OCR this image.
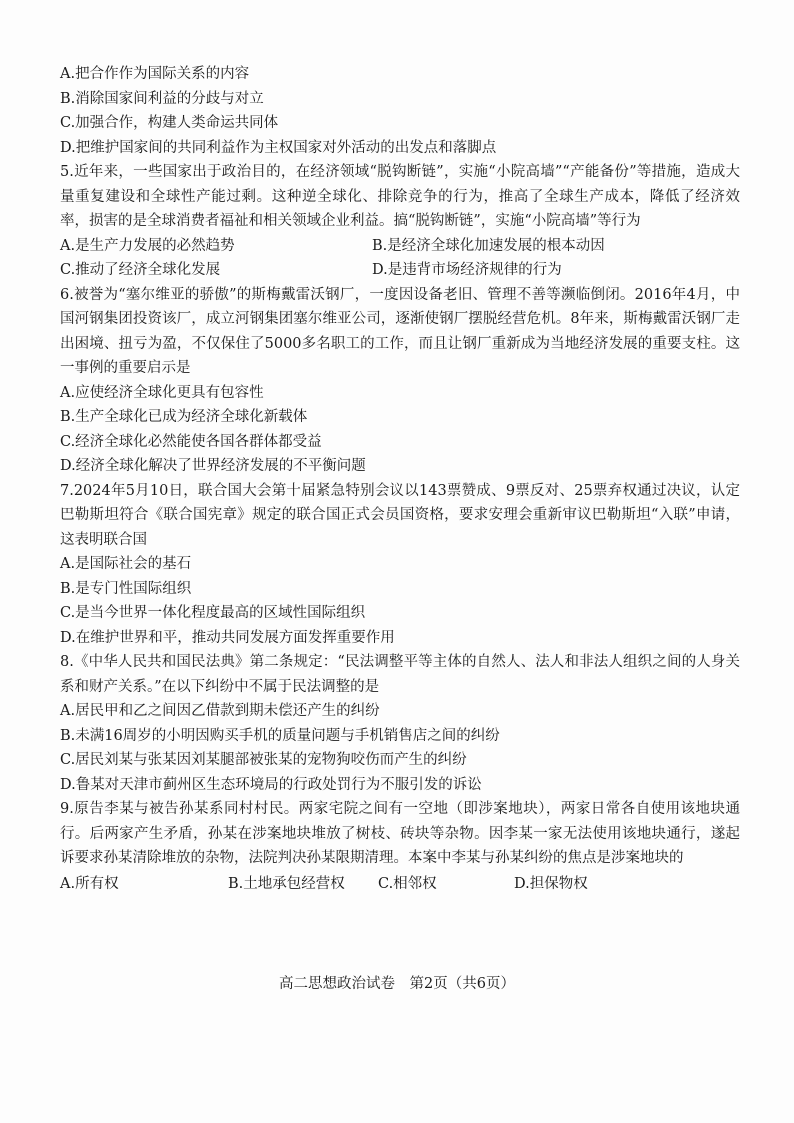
A.把合作作为国际关系的内容

B.消除国家间利益的分歧与对立

C.加强合作，构建人类命运共同体

D.把维护国家间的共同利益作为主权国家对外活动的出发点和落脚点

5.近年来，一些国家出于政治目的，在经济领域“脱钩断链”，实施“小院高墙”“产能备份”等措施，造成大量重复建设和全球性产能过剩。这种逆全球化、排除竞争的行为，推高了全球生产成本，降低了经济效率，损害的是全球消费者福祉和相关领域企业利益。搞“脱钩断链”，实施“小院高墙”等行为

A.是生产力发展的必然趋势	B.是经济全球化加速发展的根本动因
C.推动了经济全球化发展	D.是违背市场经济规律的行为

6.被誉为“塞尔维亚的骄傲”的斯梅戴雷沃钢厂，一度因设备老旧、管理不善等濒临倒闭。2016年4月，中国河钢集团投资该厂，成立河钢集团塞尔维亚公司，逐渐使钢厂摆脱经营危机。8年来，斯梅戴雷沃钢厂走出困境、扭亏为盈，不仅保住了5000多名职工的工作，而且让钢厂重新成为当地经济发展的重要支柱。这一事例的重要启示是

A.应使经济全球化更具有包容性

B.生产全球化已成为经济全球化新载体

C.经济全球化必然能使各国各群体都受益

D.经济全球化解决了世界经济发展的不平衡问题

7.2024年5月10日，联合国大会第十届紧急特别会议以143票赞成、9票反对、25票弃权通过决议，认定巴勒斯坦符合《联合国宪章》规定的联合国正式会员国资格，要求安理会重新审议巴勒斯坦“入联”申请，这表明联合国

A.是国际社会的基石

B.是专门性国际组织

C.是当今世界一体化程度最高的区域性国际组织

D.在维护世界和平，推动共同发展方面发挥重要作用

8.《中华人民共和国民法典》第二条规定：“民法调整平等主体的自然人、法人和非法人组织之间的人身关系和财产关系。”在以下纠纷中不属于民法调整的是

A.居民甲和乙之间因乙借款到期未偿还产生的纠纷

B.未满16周岁的小明因购买手机的质量问题与手机销售店之间的纠纷

C.居民刘某与张某因刘某腿部被张某的宠物狗咬伤而产生的纠纷

D.鲁某对天津市蓟州区生态环境局的行政处罚行为不服引发的诉讼

9.原告李某与被告孙某系同村村民。两家宅院之间有一空地（即涉案地块），两家日常各自使用该地块通行。后两家产生矛盾，孙某在涉案地块堆放了树枝、砖块等杂物。因李某一家无法使用该地块通行，遂起诉要求孙某清除堆放的杂物，法院判决孙某限期清理。本案中李某与孙某纠纷的焦点是涉案地块的

A.所有权	B.土地承包经营权	C.相邻权	D.担保物权
高二思想政治试卷　第2页（共6页）
